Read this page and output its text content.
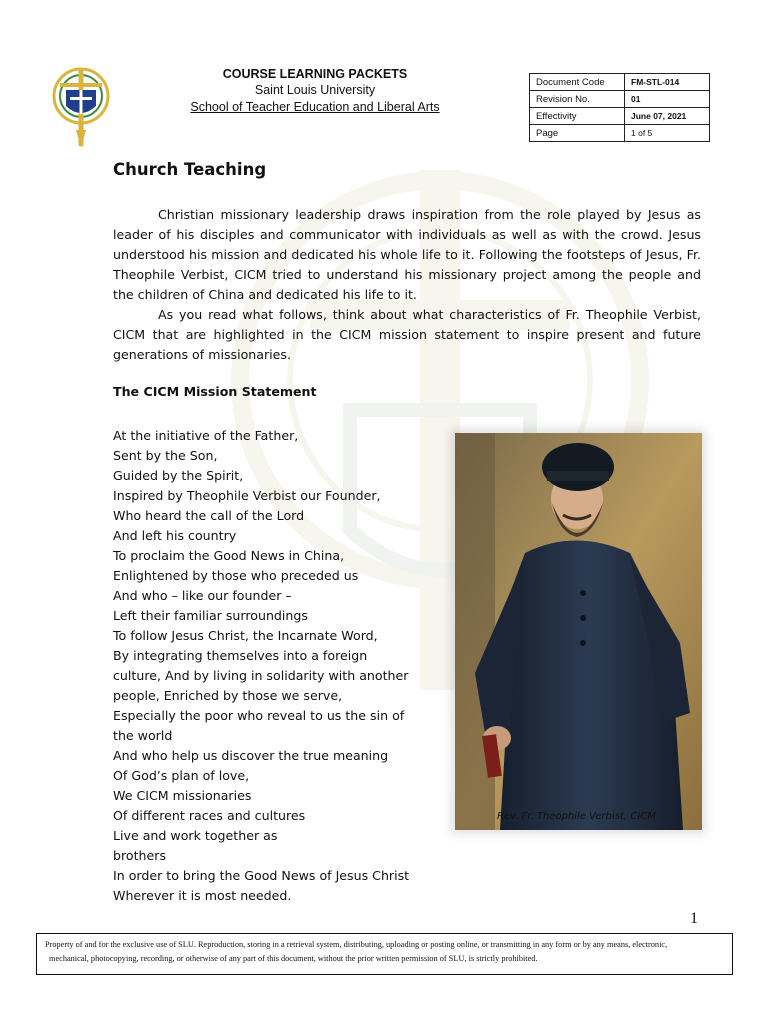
COURSE LEARNING PACKETS
Saint Louis University
School of Teacher Education and Liberal Arts
Document Code	FM-STL-014
Revision No.	01
Effectivity	June 07, 2021
Page	1 of 5
Church Teaching
Christian missionary leadership draws inspiration from the role played by Jesus as leader of his disciples and communicator with individuals as well as with the crowd. Jesus understood his mission and dedicated his whole life to it. Following the footsteps of Jesus, Fr. Theophile Verbist, CICM tried to understand his missionary project among the people and the children of China and dedicated his life to it.
As you read what follows, think about what characteristics of Fr. Theophile Verbist, CICM that are highlighted in the CICM mission statement to inspire present and future generations of missionaries.
The CICM Mission Statement
At the initiative of the Father,
Sent by the Son,
Guided by the Spirit,
Inspired by Theophile Verbist our Founder,
Who heard the call of the Lord
And left his country
To proclaim the Good News in China,
Enlightened by those who preceded us
And who – like our founder –
Left their familiar surroundings
To follow Jesus Christ, the Incarnate Word,
By integrating themselves into a foreign
culture, And by living in solidarity with another
people, Enriched by those we serve,
Especially the poor who reveal to us the sin of
the world
And who help us discover the true meaning
Of God’s plan of love,
We CICM missionaries
Of different races and cultures
Live and work together as
brothers
In order to bring the Good News of Jesus Christ
Wherever it is most needed.
Rev. Fr. Theophile Verbist, CICM
1
Property of and for the exclusive use of SLU. Reproduction, storing in a retrieval system, distributing, uploading or posting online, or transmitting in any form or by any means, electronic,
mechanical, photocopying, recording, or otherwise of any part of this document, without the prior written permission of SLU, is strictly prohibited.
